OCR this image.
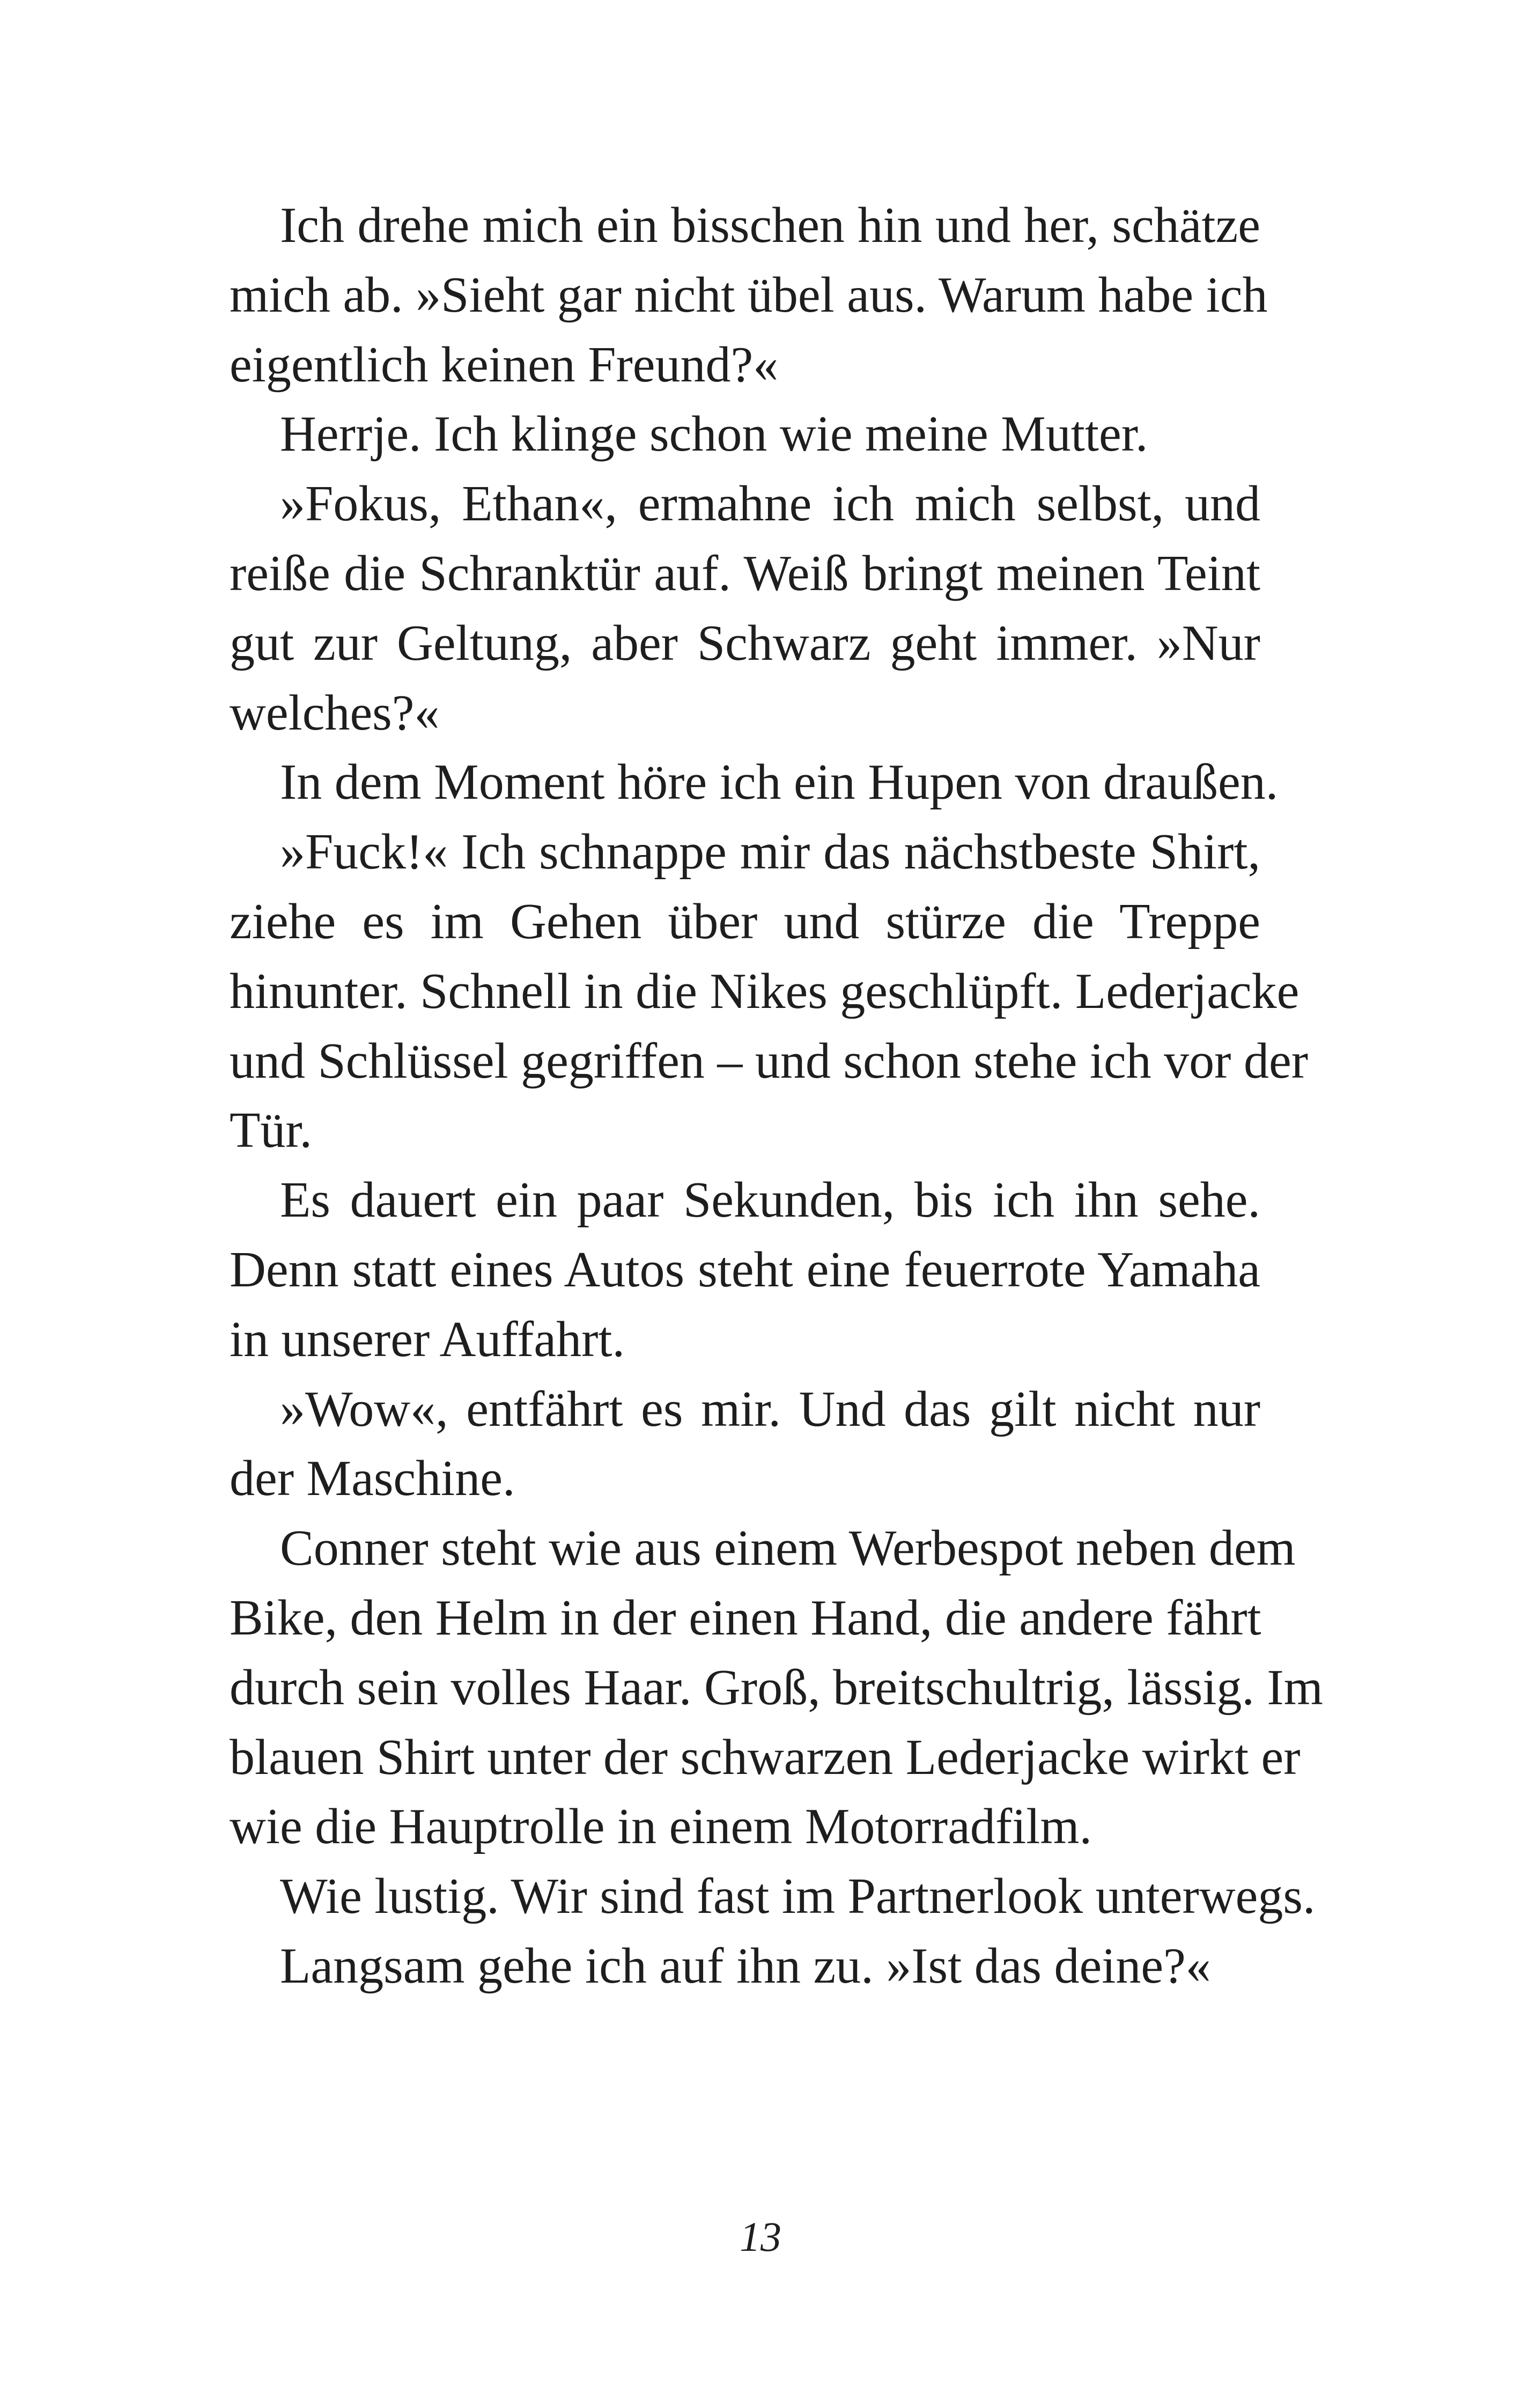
Ich drehe mich ein bisschen hin und her, schätze
mich ab. »Sieht gar nicht übel aus. Warum habe ich
eigentlich keinen Freund?«
Herrje. Ich klinge schon wie meine Mutter.
»Fokus, Ethan«, ermahne ich mich selbst, und
reiße die Schranktür auf. Weiß bringt meinen Teint
gut zur Geltung, aber Schwarz geht immer. »Nur
welches?«
In dem Moment höre ich ein Hupen von draußen.
»Fuck!« Ich schnappe mir das nächstbeste Shirt,
ziehe es im Gehen über und stürze die Treppe
hinunter. Schnell in die Nikes geschlüpft. Lederjacke
und Schlüssel gegriffen – und schon stehe ich vor der
Tür.
Es dauert ein paar Sekunden, bis ich ihn sehe.
Denn statt eines Autos steht eine feuerrote Yamaha
in unserer Auffahrt.
»Wow«, entfährt es mir. Und das gilt nicht nur
der Maschine.
Conner steht wie aus einem Werbespot neben dem
Bike, den Helm in der einen Hand, die andere fährt
durch sein volles Haar. Groß, breitschultrig, lässig. Im
blauen Shirt unter der schwarzen Lederjacke wirkt er
wie die Hauptrolle in einem Motorradfilm.
Wie lustig. Wir sind fast im Partnerlook unterwegs.
Langsam gehe ich auf ihn zu. »Ist das deine?«
13
